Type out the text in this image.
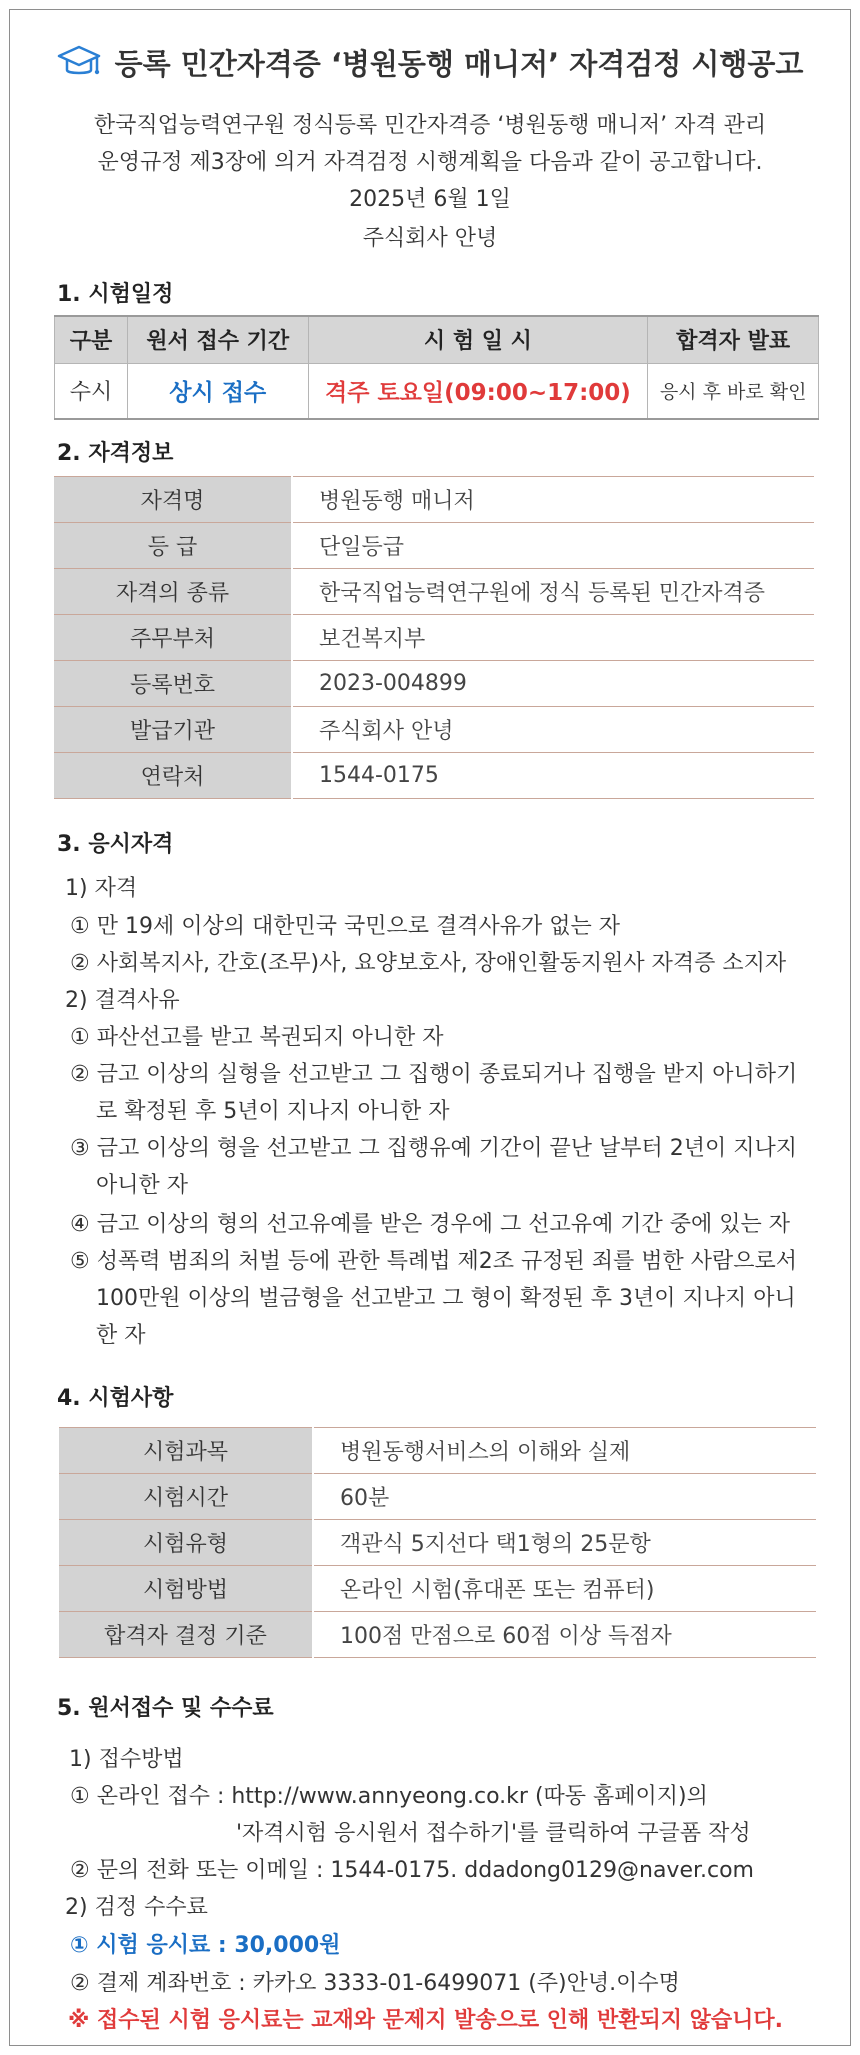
등록 민간자격증 ‘병원동행 매니저’ 자격검정 시행공고
한국직업능력연구원 정식등록 민간자격증 ‘병원동행 매니저’ 자격 관리
운영규정 제3장에 의거 자격검정 시행계획을 다음과 같이 공고합니다.
2025년 6월 1일
주식회사 안녕
1. 시험일정
구분	원서 접수 기간	시 험 일 시	합격자 발표
수시	상시 접수	격주 토요일(09:00~17:00)	응시 후 바로 확인
2. 자격정보
자격명	병원동행 매니저
등 급	단일등급
자격의 종류	한국직업능력연구원에 정식 등록된 민간자격증
주무부처	보건복지부
등록번호	2023-004899
발급기관	주식회사 안녕
연락처	1544-0175
3. 응시자격
1) 자격
① 만 19세 이상의 대한민국 국민으로 결격사유가 없는 자
② 사회복지사, 간호(조무)사, 요양보호사, 장애인활동지원사 자격증 소지자
2) 결격사유
① 파산선고를 받고 복권되지 아니한 자
② 금고 이상의 실형을 선고받고 그 집행이 종료되거나 집행을 받지 아니하기
로 확정된 후 5년이 지나지 아니한 자
③ 금고 이상의 형을 선고받고 그 집행유예 기간이 끝난 날부터 2년이 지나지
아니한 자
④ 금고 이상의 형의 선고유예를 받은 경우에 그 선고유예 기간 중에 있는 자
⑤ 성폭력 범죄의 처벌 등에 관한 특례법 제2조 규정된 죄를 범한 사람으로서
100만원 이상의 벌금형을 선고받고 그 형이 확정된 후 3년이 지나지 아니
한 자
4. 시험사항
시험과목	병원동행서비스의 이해와 실제
시험시간	60분
시험유형	객관식 5지선다 택1형의 25문항
시험방법	온라인 시험(휴대폰 또는 컴퓨터)
합격자 결정 기준	100점 만점으로 60점 이상 득점자
5. 원서접수 및 수수료
1) 접수방법
① 온라인 접수 : http://www.annyeong.co.kr (따동 홈페이지)의
'자격시험 응시원서 접수하기'를 클릭하여 구글폼 작성
② 문의 전화 또는 이메일 : 1544-0175. ddadong0129@naver.com
2) 검정 수수료
① 시험 응시료 : 30,000원
② 결제 계좌번호 : 카카오 3333-01-6499071 (주)안녕.이수명
※ 접수된 시험 응시료는 교재와 문제지 발송으로 인해 반환되지 않습니다.
